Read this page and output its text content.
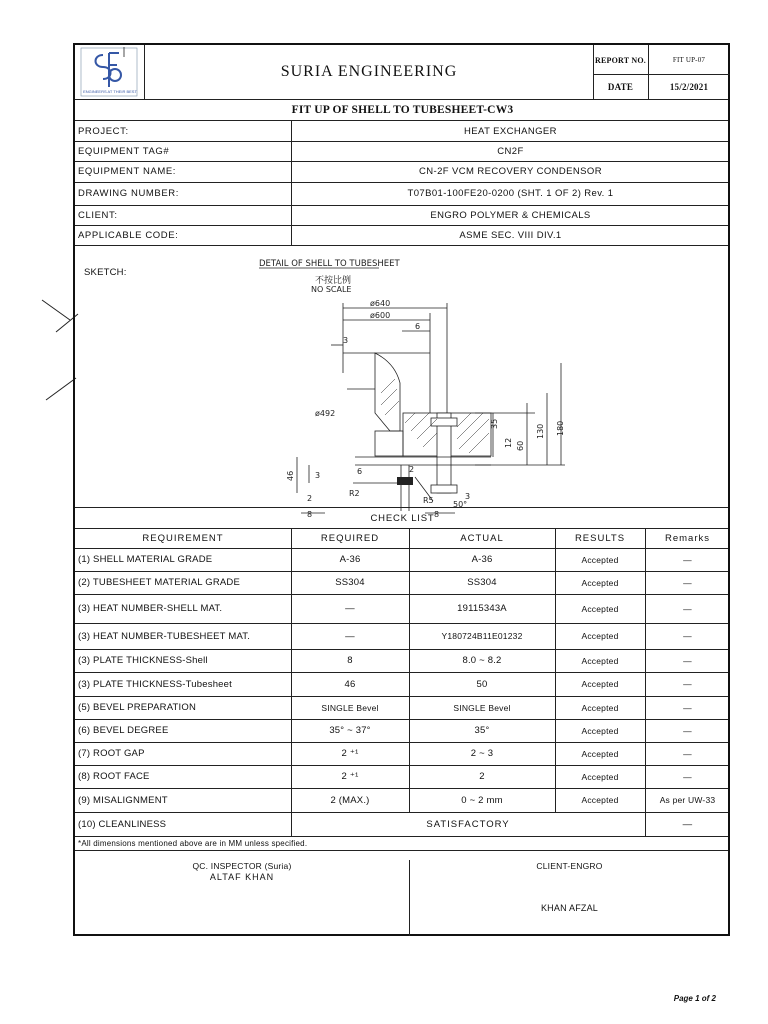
ENGINEERS AT THEIR BEST
SURIA ENGINEERING
REPORT NO.	FIT UP-07
DATE	15/2/2021
FIT UP OF SHELL TO TUBESHEET-CW3
PROJECT:	HEAT EXCHANGER
EQUIPMENT TAG#	CN2F
EQUIPMENT NAME:	CN-2F VCM RECOVERY CONDENSOR
DRAWING NUMBER:	T07B01-100FE20-0200 (SHT. 1 OF 2) Rev. 1
CLIENT:	ENGRO POLYMER & CHEMICALS
APPLICABLE CODE:	ASME SEC. VIII DIV.1
SKETCH:
DETAIL OF SHELL TO TUBESHEET
不按比例
NO SCALE
ø640
ø600
6
3
ø492
6	2
R2
R5
8	8
3
50°
3
2
46
35	130 180
12 60
CHECK LIST
REQUIREMENT	REQUIRED	ACTUAL	RESULTS	Remarks
(1) SHELL MATERIAL GRADE	A-36	A-36	Accepted	—
(2) TUBESHEET MATERIAL GRADE	SS304	SS304	Accepted	—
(3) HEAT NUMBER-SHELL MAT.	—	19115343A	Accepted	—
(3) HEAT NUMBER-TUBESHEET MAT.	—	Y180724B11E01232	Accepted	—
(3) PLATE THICKNESS-Shell	8	8.0 ~ 8.2	Accepted	—
(3) PLATE THICKNESS-Tubesheet	46	50	Accepted	—
(5) BEVEL PREPARATION	SINGLE Bevel	SINGLE Bevel	Accepted	—
(6) BEVEL DEGREE	35° ~ 37°	35°	Accepted	—
(7) ROOT GAP	2 ⁺¹	2 ~ 3	Accepted	—
(8) ROOT FACE	2 ⁺¹	2	Accepted	—
(9) MISALIGNMENT	2 (MAX.)	0 ~ 2 mm	Accepted	As per UW-33
(10) CLEANLINESS	SATISFACTORY	—
*All dimensions mentioned above are in MM unless specified.
QC. INSPECTOR (Suria)
ALTAF KHAN
CLIENT-ENGRO
KHAN AFZAL
Page 1 of 2
